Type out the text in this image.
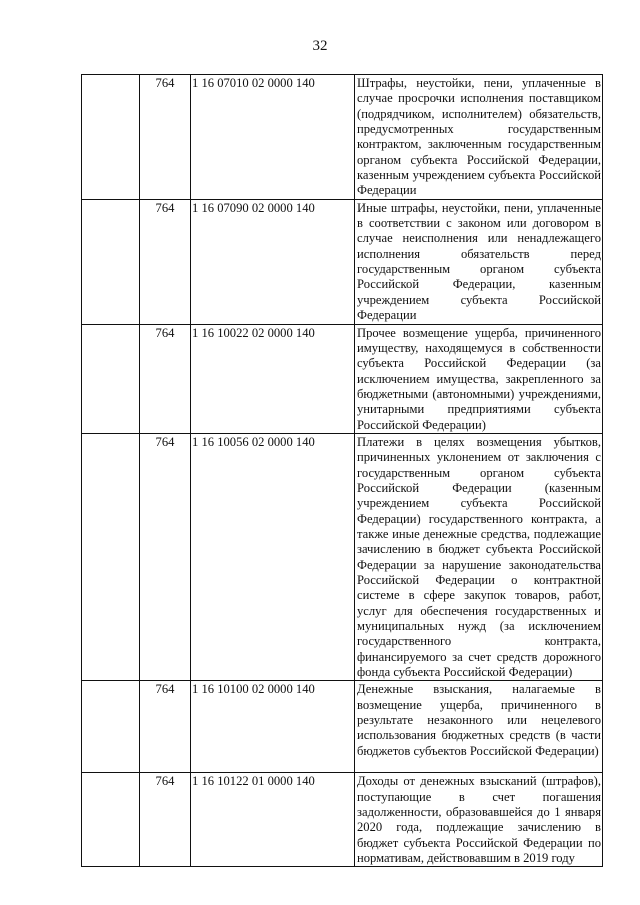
32
	764	1 16 07010 02 0000 140	Штрафы, неустойки, пени, уплаченные в случае просрочки исполнения поставщиком (подрядчиком, исполнителем) обязательств, предусмотренных государственным контрактом, заключенным государственным органом субъекта Российской Федерации, казенным учреждением субъекта Российской Федерации
	764	1 16 07090 02 0000 140	Иные штрафы, неустойки, пени, уплаченные в соответствии с законом или договором в случае неисполнения или ненадлежащего исполнения обязательств перед государственным органом субъекта Российской Федерации, казенным учреждением субъекта Российской Федерации
	764	1 16 10022 02 0000 140	Прочее возмещение ущерба, причиненного имуществу, находящемуся в собственности субъекта Российской Федерации (за исключением имущества, закрепленного за бюджетными (автономными) учреждениями, унитарными предприятиями субъекта Российской Федерации)
	764	1 16 10056 02 0000 140	Платежи в целях возмещения убытков, причиненных уклонением от заключения с государственным органом субъекта Российской Федерации (казенным учреждением субъекта Российской Федерации) государственного контракта, а также иные денежные средства, подлежащие зачислению в бюджет субъекта Российской Федерации за нарушение законодательства Российской Федерации о контрактной системе в сфере закупок товаров, работ, услуг для обеспечения государственных и муниципальных нужд (за исключением государственного контракта, финансируемого за счет средств дорожного фонда субъекта Российской Федерации)
	764	1 16 10100 02 0000 140	Денежные взыскания, налагаемые в возмещение ущерба, причиненного в результате незаконного или нецелевого использования бюджетных средств (в части бюджетов субъектов Российской Федерации)
	764	1 16 10122 01 0000 140	Доходы от денежных взысканий (штрафов), поступающие в счет погашения задолженности, образовавшейся до 1 января 2020 года, подлежащие зачислению в бюджет субъекта Российской Федерации по нормативам, действовавшим в 2019 году
